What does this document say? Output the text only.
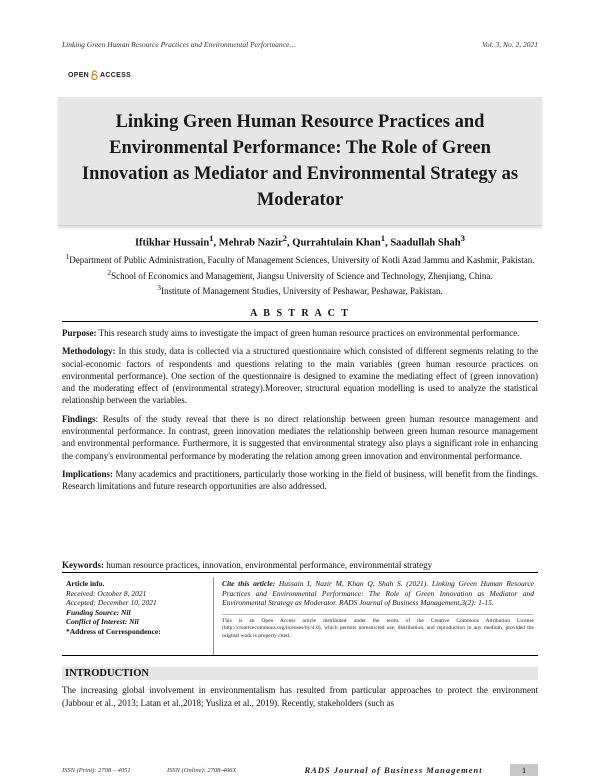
Linking Green Human Resource Practices and Environmental Performance…	Vol. 3, No. 2, 2021
OPEN ACCESS
Linking Green Human Resource Practices and Environmental Performance: The Role of Green Innovation as Mediator and Environmental Strategy as Moderator
Iftikhar Hussain$^1$, Mehrab Nazir$^2$, Qurrahtulain Khan$^1$, Saadullah Shah$^3$
$^1$Department of Public Administration, Faculty of Management Sciences, University of Kotli Azad Jammu and Kashmir, Pakistan.
$^2$School of Economics and Management, Jiangsu University of Science and Technology, Zhenjiang, China.
$^3$Institute of Management Studies, University of Peshawar, Peshawar, Pakistan.
A B S T R A C T

Purpose: This research study aims to investigate the impact of green human resource practices on environmental performance.

Methodology: In this study, data is collected via a structured questionnaire which consisted of different segments relating to the social-economic factors of respondents and questions relating to the main variables (green human resource practices on environmental performance). One section of the questionnaire is designed to examine the mediating effect of (green innovation) and the moderating effect of (environmental strategy).Moreover, structural equation modelling is used to analyze the statistical relationship between the variables.

Findings: Results of the study reveal that there is no direct relationship between green human resource management and environmental performance. In contrast, green innovation mediates the relationship between green human resource management and environmental performance. Furthermore, it is suggested that environmental strategy also plays a significant role in enhancing the company's environmental performance by moderating the relation among green innovation and environmental performance.

Implications: Many academics and practitioners, particularly those working in the field of business, will benefit from the findings. Research limitations and future research opportunities are also addressed.

Keywords: human resource practices, innovation, environmental performance, environmental strategy
Article info.
Received: October 8, 2021
Accepted: December 10, 2021
Funding Source: Nil
Conflict of Interest: Nil
*Address of Correspondence:
Cite this article: Hussain I, Nazir M, Khan Q, Shah S. (2021). Linking Green Human Resource Practices and Environmental Performance: The Role of Green Innovation as Mediator and Environmental Strategy as Moderator. RADS Journal of Business Management,3(2): 1-15.
This is an Open Access article distributed under the terms of the Creative Commons Attribution License (http://creativecommons.org/licenses/by/4.0), which permits unrestricted use, distribution, and reproduction in any medium, provided the original work is properly cited.
INTRODUCTION

The increasing global involvement in environmentalism has resulted from particular approaches to protect the environment (Jabbour et al., 2013; Latan et al.,2018; Yusliza et al., 2019). Recently, stakeholders (such as

ISSN (Print): 2708 – 4051	ISSN (Online): 2708-406X	RADS Journal of Business Management	1
